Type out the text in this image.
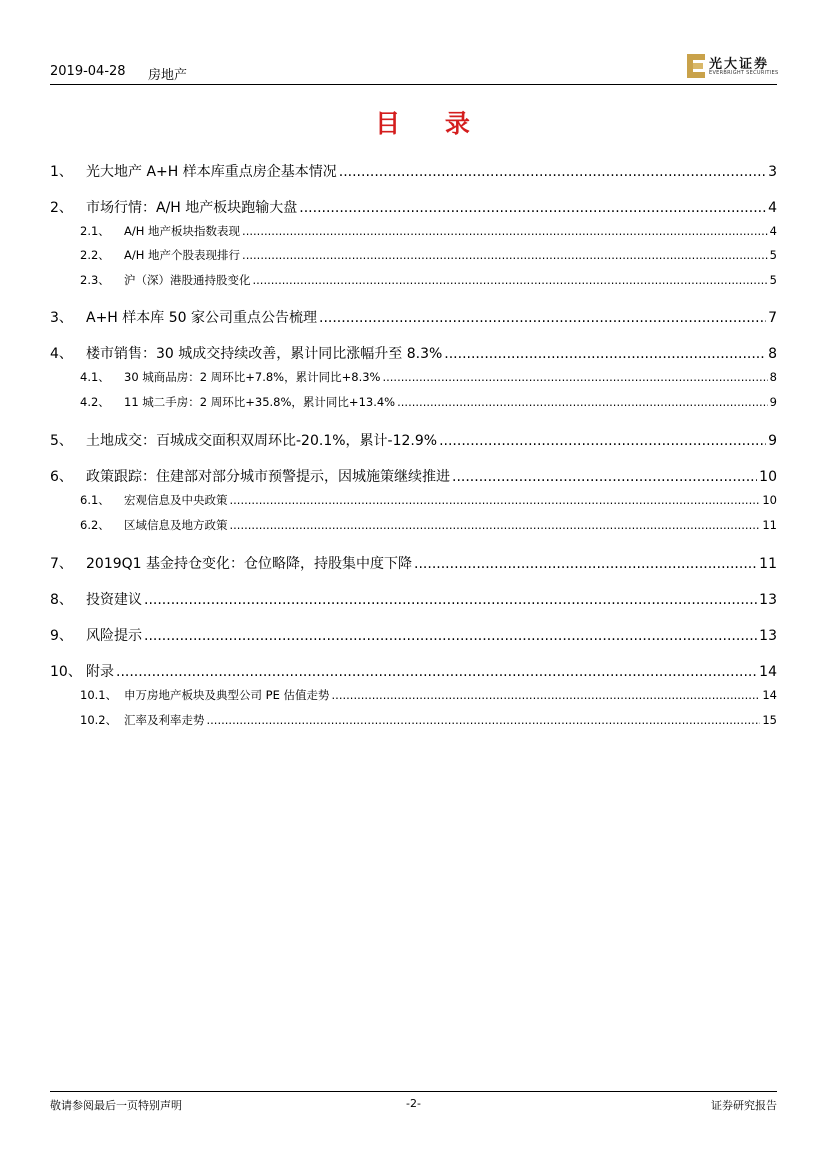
2019-04-28 房地产
光大证券
EVERBRIGHT SECURITIES
目 录
1、 光大地产 A+H 样本库重点房企基本情况 .....	3
2、 市场行情：A/H 地产板块跑输大盘 .....	4
2.1、	A/H 地产板块指数表现 .....	4
2.2、	A/H 地产个股表现排行 .....	5
2.3、	沪（深）港股通持股变化 .....	5
3、 A+H 样本库 50 家公司重点公告梳理 .....	7
4、 楼市销售：30 城成交持续改善，累计同比涨幅升至 8.3% .....	8
4.1、	30 城商品房：2 周环比+7.8%，累计同比+8.3% .....	8
4.2、	11 城二手房：2 周环比+35.8%，累计同比+13.4% .....	9
5、 土地成交：百城成交面积双周环比-20.1%，累计-12.9% .....	9
6、 政策跟踪：住建部对部分城市预警提示，因城施策继续推进 .....	10
6.1、	宏观信息及中央政策 .....	10
6.2、	区域信息及地方政策 .....	11
7、 2019Q1 基金持仓变化：仓位略降，持股集中度下降 .....	11
8、 投资建议 .....	13
9、 风险提示 .....	13
10、 附录 .....	14
10.1、 申万房地产板块及典型公司 PE 估值走势 .....	14
10.2、 汇率及利率走势 .....	15
敬请参阅最后一页特别声明	-2-	证券研究报告
